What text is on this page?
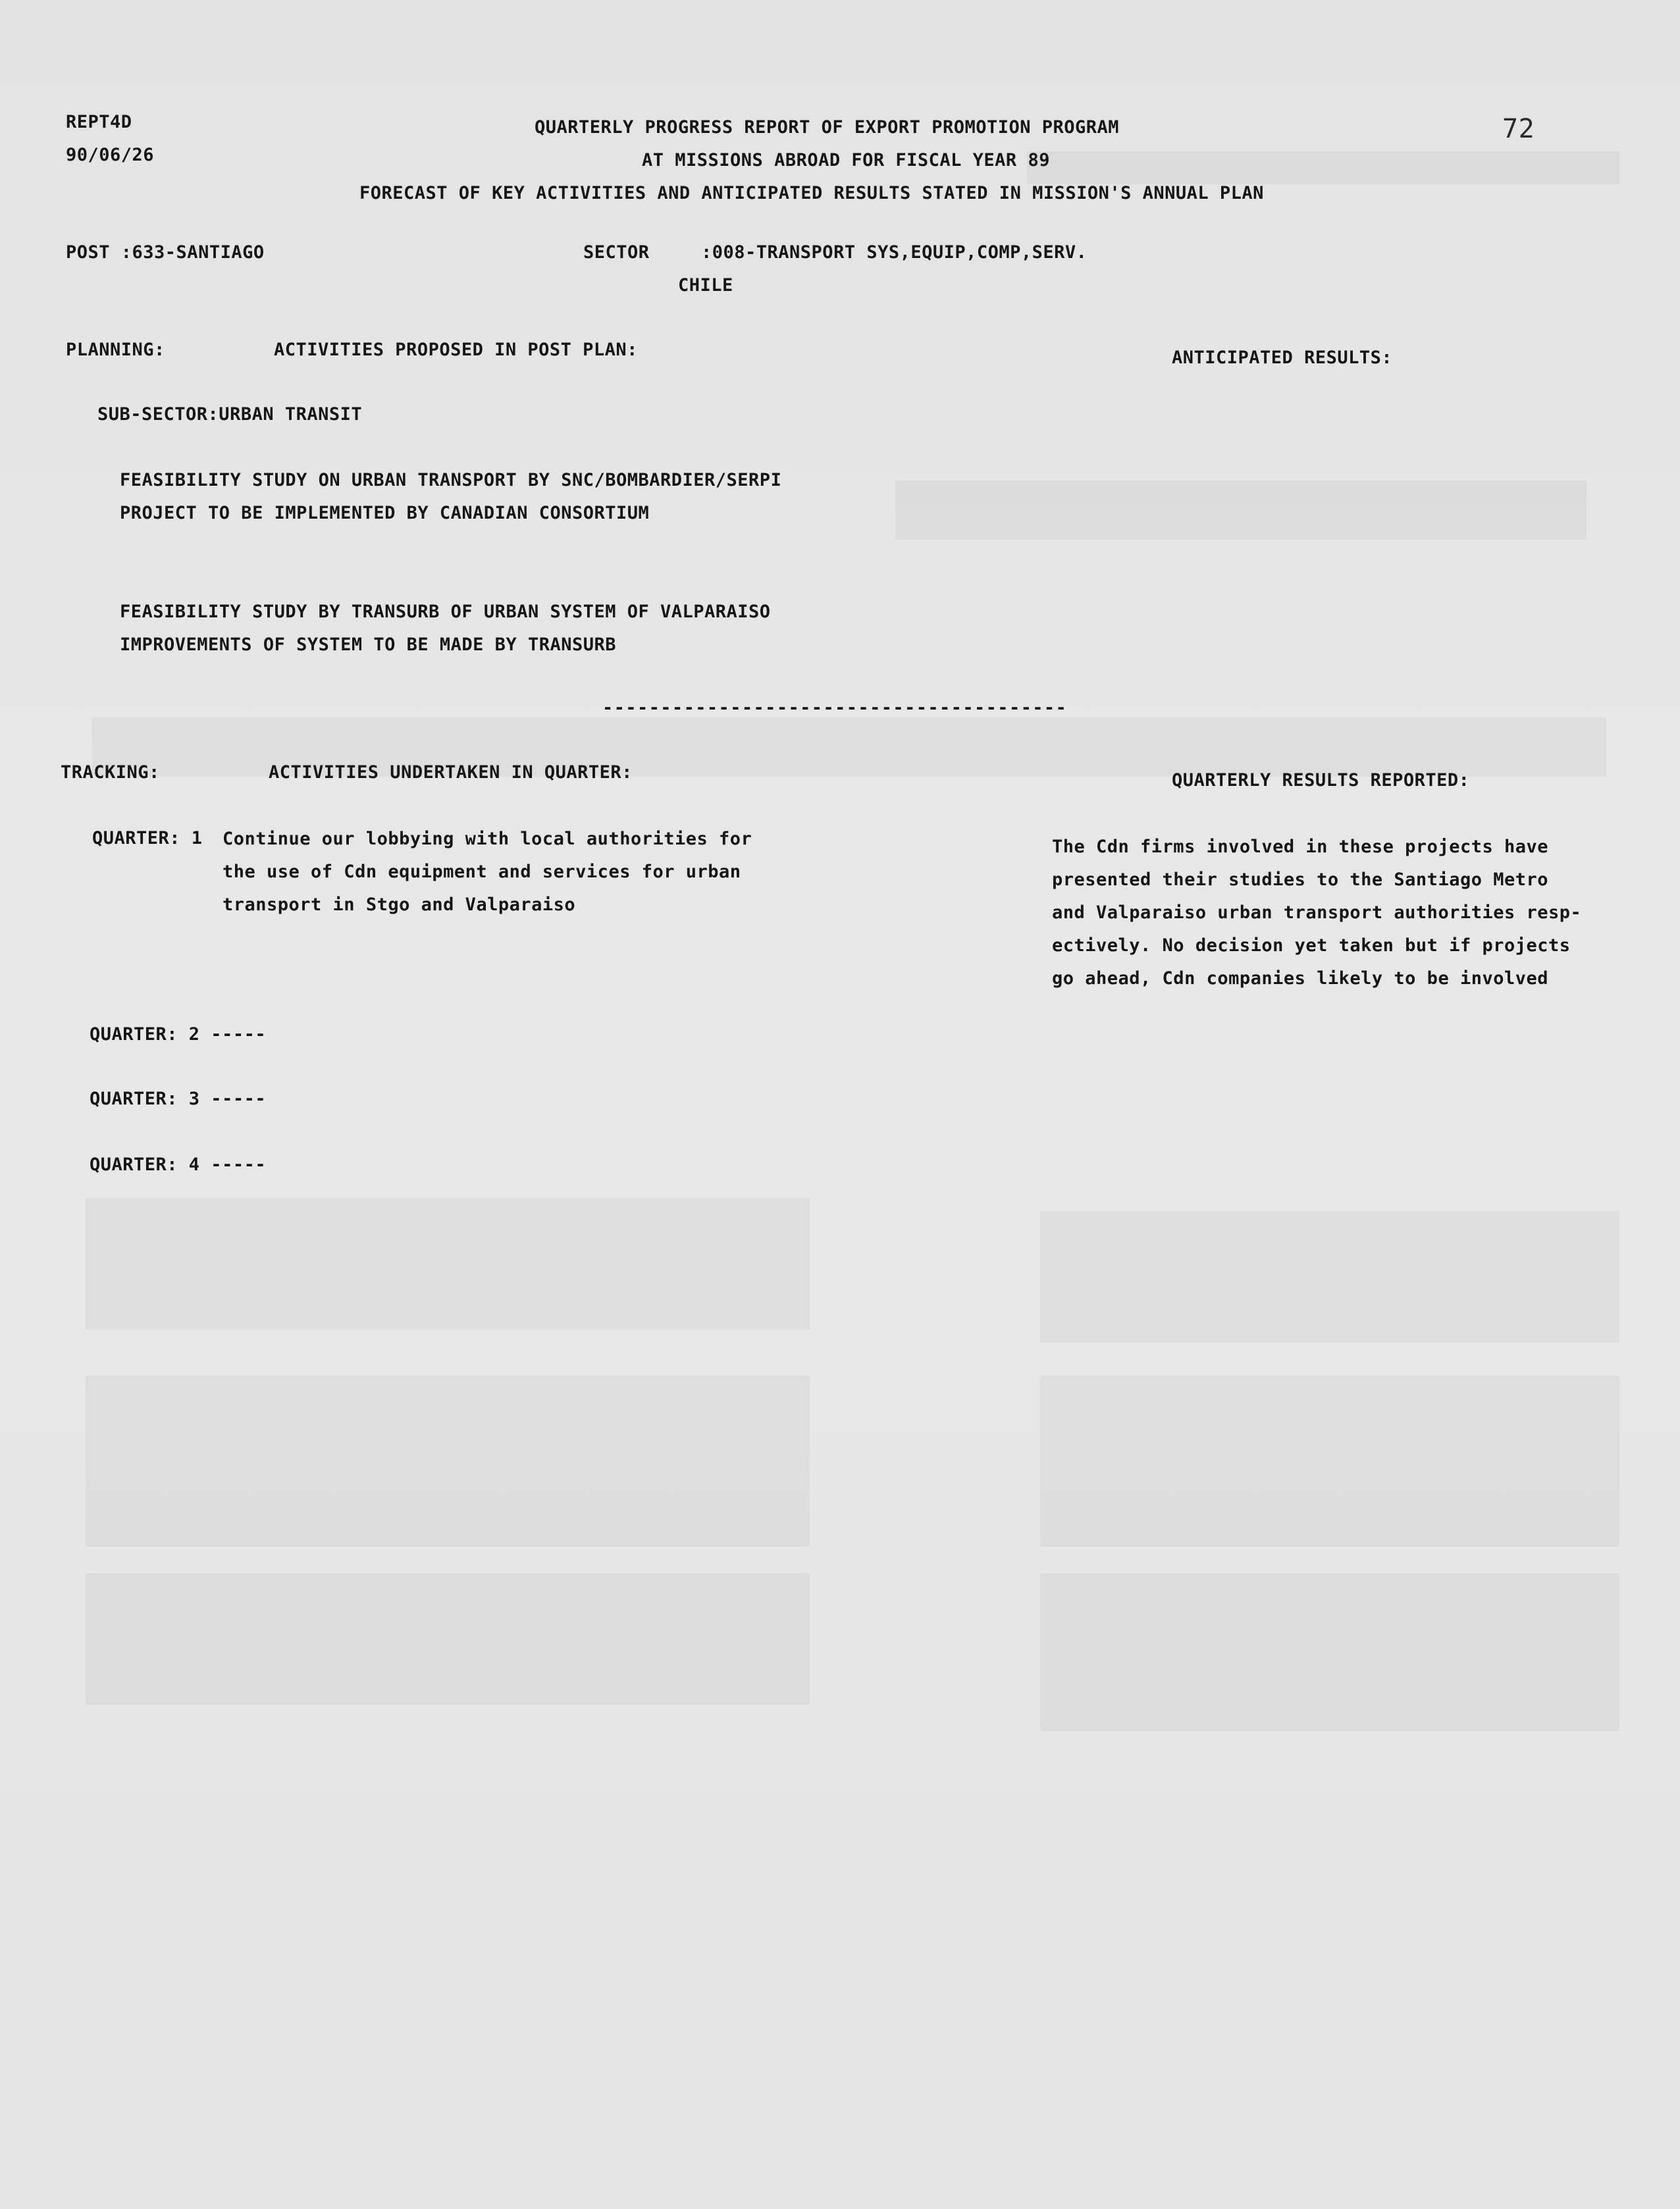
REPT4D
90/06/26
QUARTERLY PROGRESS REPORT OF EXPORT PROMOTION PROGRAM
AT MISSIONS ABROAD FOR FISCAL YEAR 89
FORECAST OF KEY ACTIVITIES AND ANTICIPATED RESULTS STATED IN MISSION'S ANNUAL PLAN
72
POST :633-SANTIAGO	SECTOR	:008-TRANSPORT SYS,EQUIP,COMP,SERV.
CHILE
PLANNING:	ACTIVITIES PROPOSED IN POST PLAN:	ANTICIPATED RESULTS:
SUB-SECTOR:URBAN TRANSIT
FEASIBILITY STUDY ON URBAN TRANSPORT BY SNC/BOMBARDIER/SERPI
PROJECT TO BE IMPLEMENTED BY CANADIAN CONSORTIUM
FEASIBILITY STUDY BY TRANSURB OF URBAN SYSTEM OF VALPARAISO
IMPROVEMENTS OF SYSTEM TO BE MADE BY TRANSURB
----------------------------------------
TRACKING:	ACTIVITIES UNDERTAKEN IN QUARTER:	QUARTERLY RESULTS REPORTED:
QUARTER: 1 Continue our lobbying with local authorities for
the use of Cdn equipment and services for urban
transport in Stgo and Valparaiso
The Cdn firms involved in these projects have
presented their studies to the Santiago Metro
and Valparaiso urban transport authorities resp-
ectively. No decision yet taken but if projects
go ahead, Cdn companies likely to be involved
QUARTER: 2 -----
QUARTER: 3 -----
QUARTER: 4 -----
